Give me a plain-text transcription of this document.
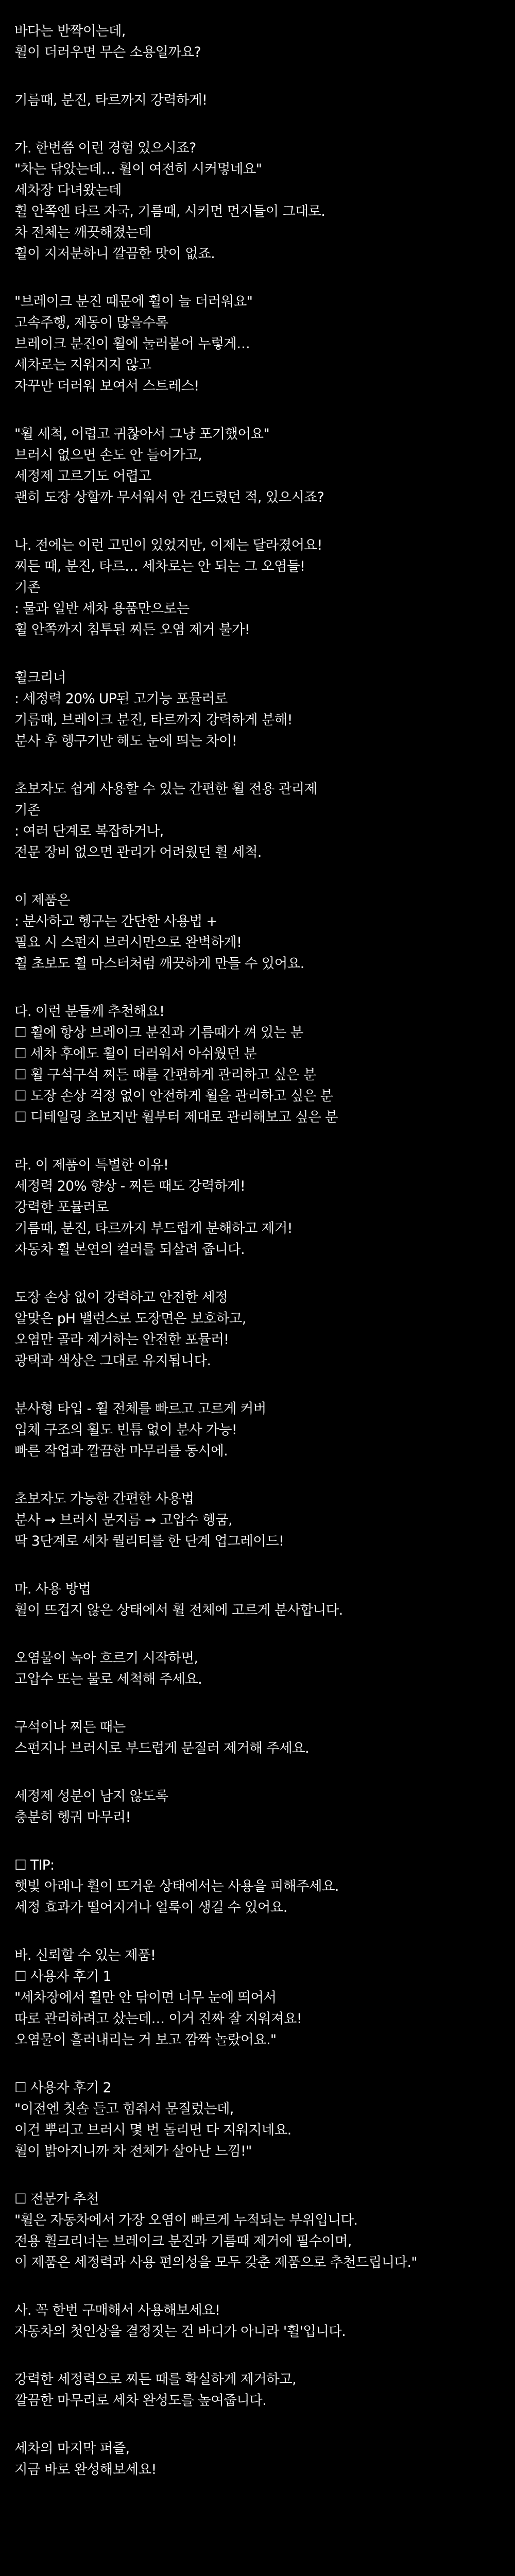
바다는 반짝이는데,
휠이 더러우면 무슨 소용일까요?
기름때, 분진, 타르까지 강력하게!
가. 한번쯤 이런 경험 있으시죠?
"차는 닦았는데… 휠이 여전히 시커멓네요"
세차장 다녀왔는데
휠 안쪽엔 타르 자국, 기름때, 시커먼 먼지들이 그대로.
차 전체는 깨끗해졌는데
휠이 지저분하니 깔끔한 맛이 없죠.
"브레이크 분진 때문에 휠이 늘 더러워요"
고속주행, 제동이 많을수록
브레이크 분진이 휠에 눌러붙어 누렇게…
세차로는 지워지지 않고
자꾸만 더러워 보여서 스트레스!
"휠 세척, 어렵고 귀찮아서 그냥 포기했어요"
브러시 없으면 손도 안 들어가고,
세정제 고르기도 어렵고
괜히 도장 상할까 무서워서 안 건드렸던 적, 있으시죠?
나. 전에는 이런 고민이 있었지만, 이제는 달라졌어요!
찌든 때, 분진, 타르… 세차로는 안 되는 그 오염들!
기존
: 물과 일반 세차 용품만으로는
휠 안쪽까지 침투된 찌든 오염 제거 불가!
휠크리너
: 세정력 20% UP된 고기능 포뮬러로
기름때, 브레이크 분진, 타르까지 강력하게 분해!
분사 후 헹구기만 해도 눈에 띄는 차이!
초보자도 쉽게 사용할 수 있는 간편한 휠 전용 관리제
기존
: 여러 단계로 복잡하거나,
전문 장비 없으면 관리가 어려웠던 휠 세척.
이 제품은
: 분사하고 헹구는 간단한 사용법 +
필요 시 스펀지 브러시만으로 완벽하게!
휠 초보도 휠 마스터처럼 깨끗하게 만들 수 있어요.
다. 이런 분들께 추천해요!
☐ 휠에 항상 브레이크 분진과 기름때가 껴 있는 분
☐ 세차 후에도 휠이 더러워서 아쉬웠던 분
☐ 휠 구석구석 찌든 때를 간편하게 관리하고 싶은 분
☐ 도장 손상 걱정 없이 안전하게 휠을 관리하고 싶은 분
☐ 디테일링 초보지만 휠부터 제대로 관리해보고 싶은 분
라. 이 제품이 특별한 이유!
세정력 20% 향상 - 찌든 때도 강력하게!
강력한 포뮬러로
기름때, 분진, 타르까지 부드럽게 분해하고 제거!
자동차 휠 본연의 컬러를 되살려 줍니다.
도장 손상 없이 강력하고 안전한 세정
알맞은 pH 밸런스로 도장면은 보호하고,
오염만 골라 제거하는 안전한 포뮬러!
광택과 색상은 그대로 유지됩니다.
분사형 타입 - 휠 전체를 빠르고 고르게 커버
입체 구조의 휠도 빈틈 없이 분사 가능!
빠른 작업과 깔끔한 마무리를 동시에.
초보자도 가능한 간편한 사용법
분사 → 브러시 문지름 → 고압수 헹굼,
딱 3단계로 세차 퀄리티를 한 단계 업그레이드!
마. 사용 방법
휠이 뜨겁지 않은 상태에서 휠 전체에 고르게 분사합니다.
오염물이 녹아 흐르기 시작하면,
고압수 또는 물로 세척해 주세요.
구석이나 찌든 때는
스펀지나 브러시로 부드럽게 문질러 제거해 주세요.
세정제 성분이 남지 않도록
충분히 헹궈 마무리!
☐ TIP:
햇빛 아래나 휠이 뜨거운 상태에서는 사용을 피해주세요.
세정 효과가 떨어지거나 얼룩이 생길 수 있어요.
바. 신뢰할 수 있는 제품!
☐ 사용자 후기 1
"세차장에서 휠만 안 닦이면 너무 눈에 띄어서
따로 관리하려고 샀는데… 이거 진짜 잘 지워져요!
오염물이 흘러내리는 거 보고 깜짝 놀랐어요."
☐ 사용자 후기 2
"이전엔 칫솔 들고 힘줘서 문질렀는데,
이건 뿌리고 브러시 몇 번 돌리면 다 지워지네요.
휠이 밝아지니까 차 전체가 살아난 느낌!"
☐ 전문가 추천
"휠은 자동차에서 가장 오염이 빠르게 누적되는 부위입니다.
전용 휠크리너는 브레이크 분진과 기름때 제거에 필수이며,
이 제품은 세정력과 사용 편의성을 모두 갖춘 제품으로 추천드립니다."
사. 꼭 한번 구매해서 사용해보세요!
자동차의 첫인상을 결정짓는 건 바디가 아니라 '휠'입니다.
강력한 세정력으로 찌든 때를 확실하게 제거하고,
깔끔한 마무리로 세차 완성도를 높여줍니다.
세차의 마지막 퍼즐,
지금 바로 완성해보세요!
